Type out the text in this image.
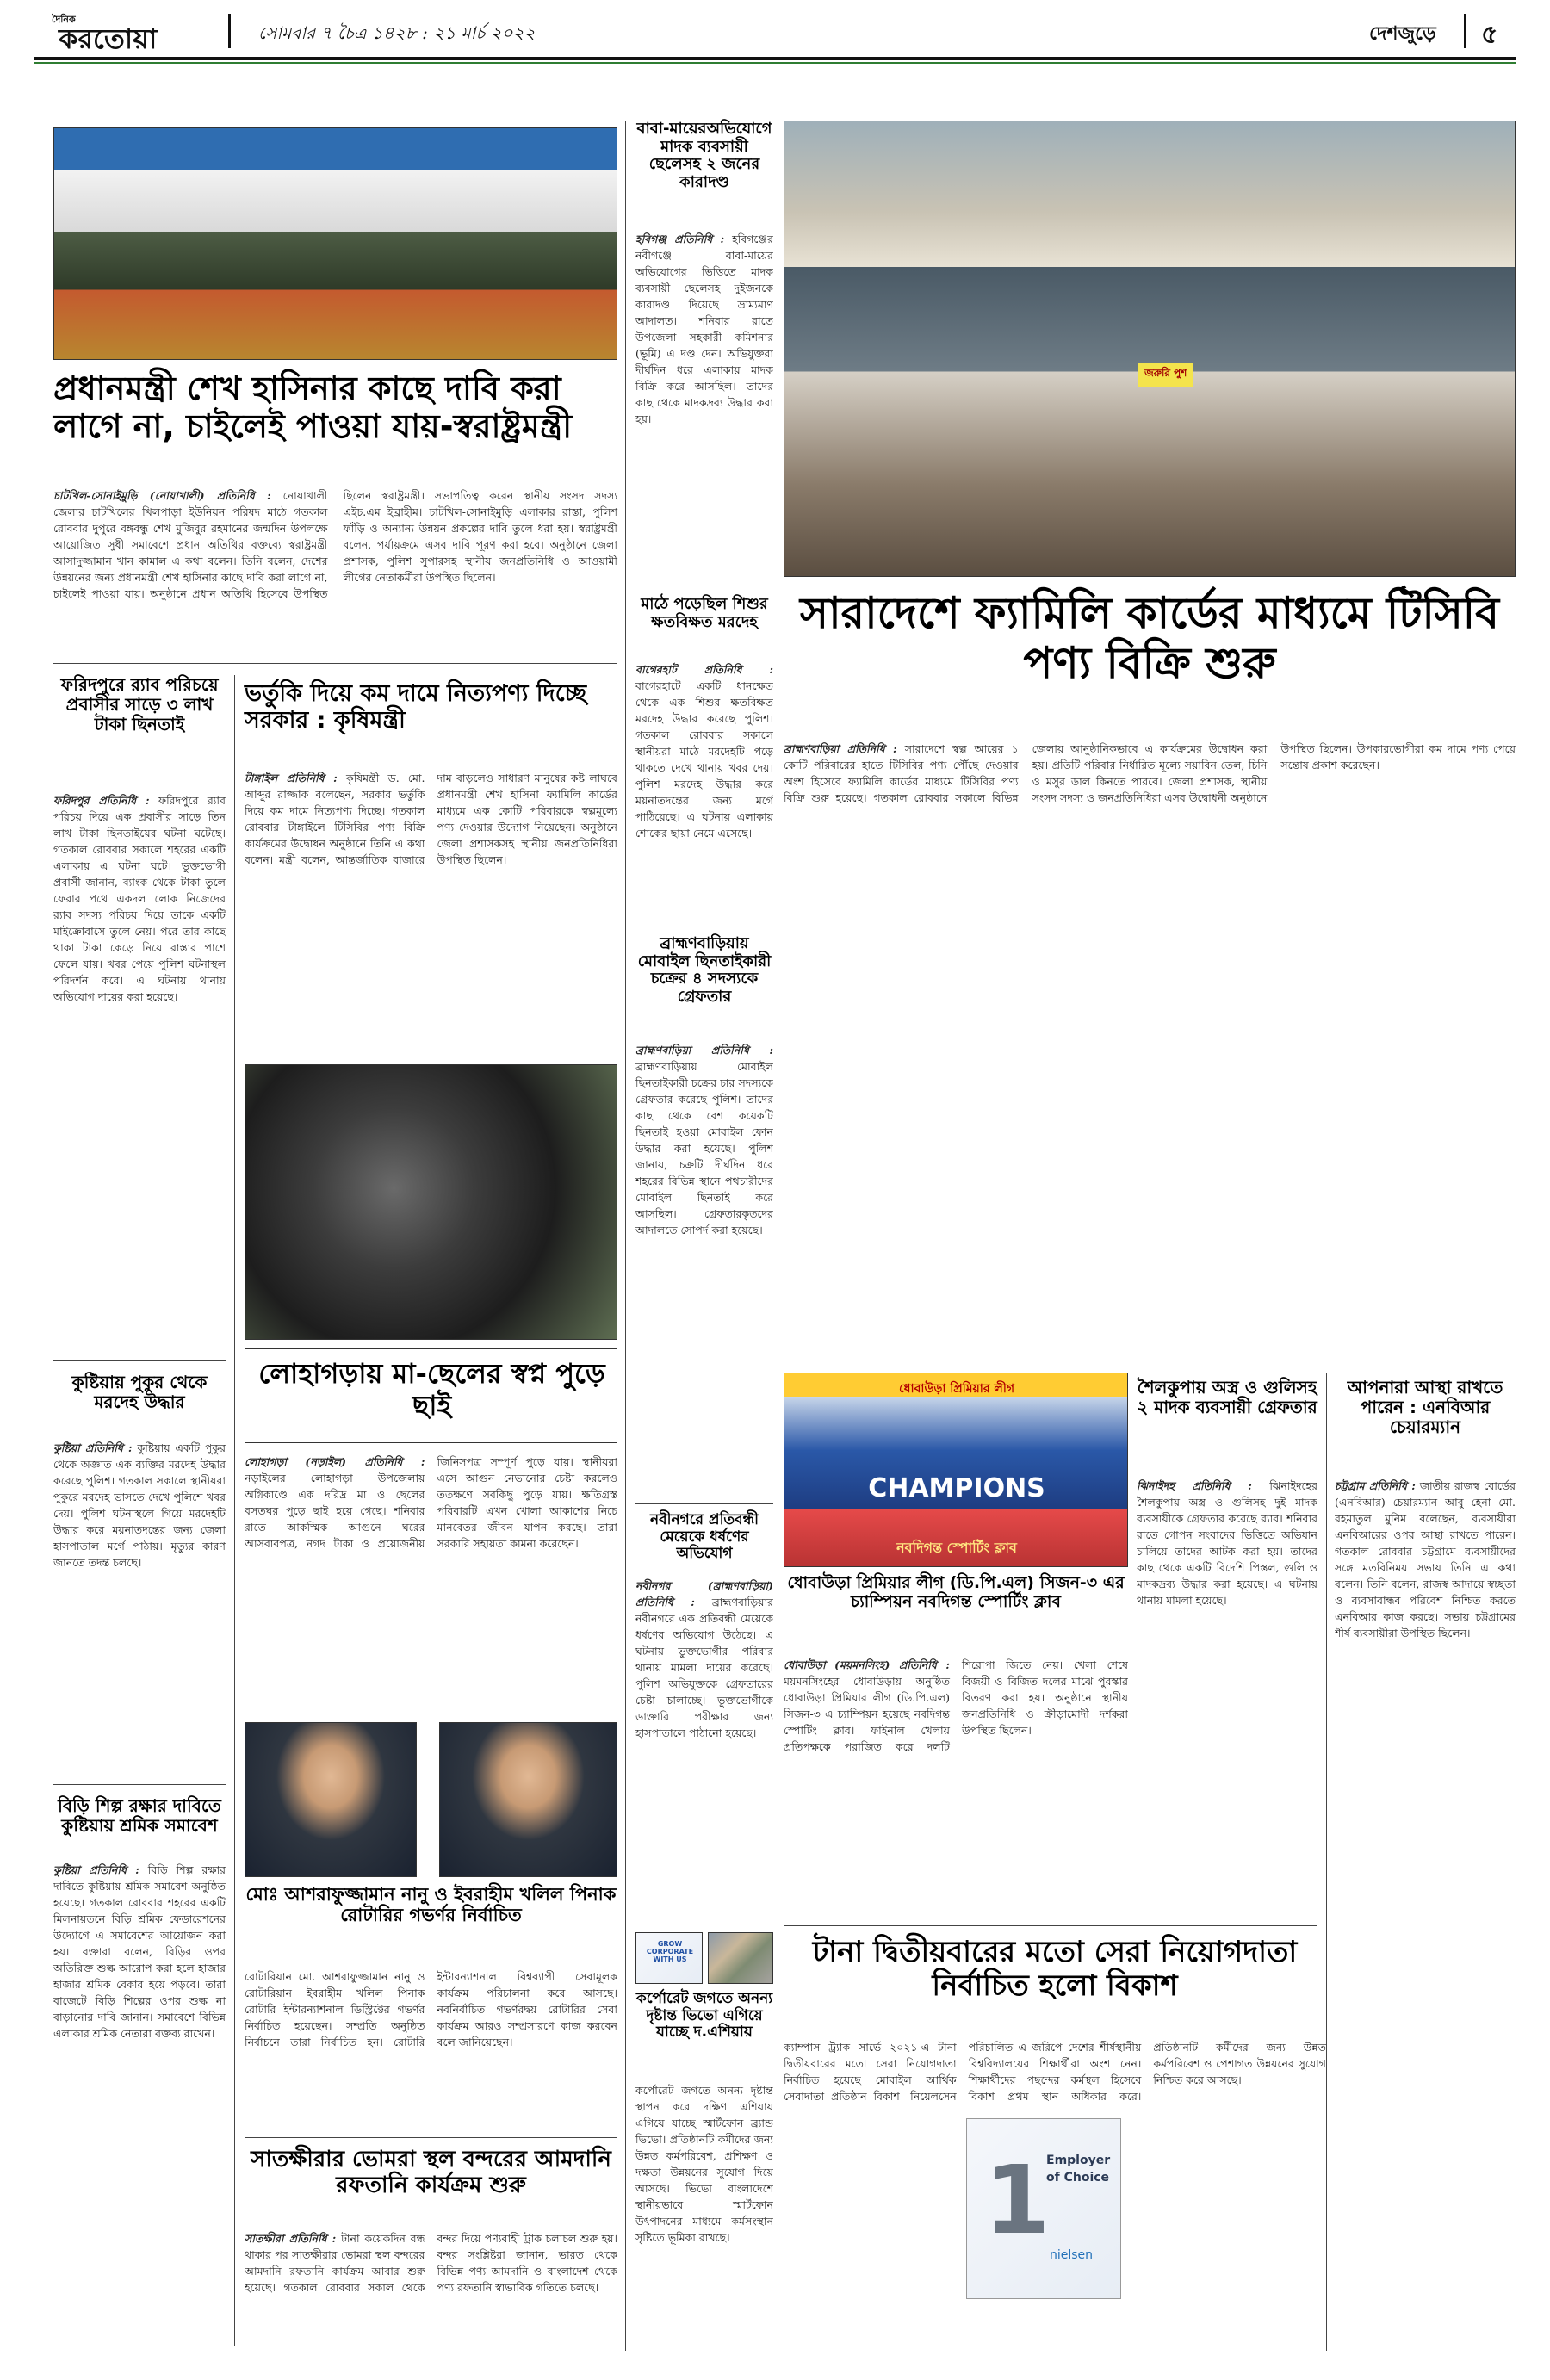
দৈনিক
করতোয়া	সোমবার ৭ চৈত্র ১৪২৮ : ২১ মার্চ ২০২২	দেশজুড়ে ৫
প্রধানমন্ত্রী শেখ হাসিনার কাছে দাবি করা লাগে না, চাইলেই পাওয়া যায়-স্বরাষ্ট্রমন্ত্রী
চাটখিল-সোনাইমুড়ি (নোয়াখালী) প্রতিনিধি : নোয়াখালী জেলার চাটখিলের খিলপাড়া ইউনিয়ন পরিষদ মাঠে গতকাল রোববার দুপুরে বঙ্গবন্ধু শেখ মুজিবুর রহমানের জন্মদিন উপলক্ষে আয়োজিত সুধী সমাবেশে প্রধান অতিথির বক্তব্যে স্বরাষ্ট্রমন্ত্রী আসাদুজ্জামান খান কামাল এ কথা বলেন। তিনি বলেন, দেশের উন্নয়নের জন্য প্রধানমন্ত্রী শেখ হাসিনার কাছে দাবি করা লাগে না, চাইলেই পাওয়া যায়। অনুষ্ঠানে প্রধান অতিথি হিসেবে উপস্থিত ছিলেন স্বরাষ্ট্রমন্ত্রী। সভাপতিত্ব করেন স্থানীয় সংসদ সদস্য এইচ.এম ইব্রাহীম। চাটখিল-সোনাইমুড়ি এলাকার রাস্তা, পুলিশ ফাঁড়ি ও অন্যান্য উন্নয়ন প্রকল্পের দাবি তুলে ধরা হয়। স্বরাষ্ট্রমন্ত্রী বলেন, পর্যায়ক্রমে এসব দাবি পূরণ করা হবে। অনুষ্ঠানে জেলা প্রশাসক, পুলিশ সুপারসহ স্থানীয় জনপ্রতিনিধি ও আওয়ামী লীগের নেতাকর্মীরা উপস্থিত ছিলেন।
ফরিদপুরে র‌্যাব পরিচয়ে প্রবাসীর সাড়ে ৩ লাখ টাকা ছিনতাই
ফরিদপুর প্রতিনিধি : ফরিদপুরে র‌্যাব পরিচয় দিয়ে এক প্রবাসীর সাড়ে তিন লাখ টাকা ছিনতাইয়ের ঘটনা ঘটেছে। গতকাল রোববার সকালে শহরের একটি এলাকায় এ ঘটনা ঘটে। ভুক্তভোগী প্রবাসী জানান, ব্যাংক থেকে টাকা তুলে ফেরার পথে একদল লোক নিজেদের র‌্যাব সদস্য পরিচয় দিয়ে তাকে একটি মাইক্রোবাসে তুলে নেয়। পরে তার কাছে থাকা টাকা কেড়ে নিয়ে রাস্তার পাশে ফেলে যায়। খবর পেয়ে পুলিশ ঘটনাস্থল পরিদর্শন করে। এ ঘটনায় থানায় অভিযোগ দায়ের করা হয়েছে।
কুষ্টিয়ায় পুকুর থেকে মরদেহ উদ্ধার
কুষ্টিয়া প্রতিনিধি : কুষ্টিয়ায় একটি পুকুর থেকে অজ্ঞাত এক ব্যক্তির মরদেহ উদ্ধার করেছে পুলিশ। গতকাল সকালে স্থানীয়রা পুকুরে মরদেহ ভাসতে দেখে পুলিশে খবর দেয়। পুলিশ ঘটনাস্থলে গিয়ে মরদেহটি উদ্ধার করে ময়নাতদন্তের জন্য জেলা হাসপাতাল মর্গে পাঠায়। মৃত্যুর কারণ জানতে তদন্ত চলছে।
বিড়ি শিল্প রক্ষার দাবিতে কুষ্টিয়ায় শ্রমিক সমাবেশ
কুষ্টিয়া প্রতিনিধি : বিড়ি শিল্প রক্ষার দাবিতে কুষ্টিয়ায় শ্রমিক সমাবেশ অনুষ্ঠিত হয়েছে। গতকাল রোববার শহরের একটি মিলনায়তনে বিড়ি শ্রমিক ফেডারেশনের উদ্যোগে এ সমাবেশের আয়োজন করা হয়। বক্তারা বলেন, বিড়ির ওপর অতিরিক্ত শুল্ক আরোপ করা হলে হাজার হাজার শ্রমিক বেকার হয়ে পড়বে। তারা বাজেটে বিড়ি শিল্পের ওপর শুল্ক না বাড়ানোর দাবি জানান। সমাবেশে বিভিন্ন এলাকার শ্রমিক নেতারা বক্তব্য রাখেন।
ভর্তুকি দিয়ে কম দামে নিত্যপণ্য দিচ্ছে সরকার : কৃষিমন্ত্রী
টাঙ্গাইল প্রতিনিধি : কৃষিমন্ত্রী ড. মো. আব্দুর রাজ্জাক বলেছেন, সরকার ভর্তুকি দিয়ে কম দামে নিত্যপণ্য দিচ্ছে। গতকাল রোববার টাঙ্গাইলে টিসিবির পণ্য বিক্রি কার্যক্রমের উদ্বোধন অনুষ্ঠানে তিনি এ কথা বলেন। মন্ত্রী বলেন, আন্তর্জাতিক বাজারে দাম বাড়লেও সাধারণ মানুষের কষ্ট লাঘবে প্রধানমন্ত্রী শেখ হাসিনা ফ্যামিলি কার্ডের মাধ্যমে এক কোটি পরিবারকে স্বল্পমূল্যে পণ্য দেওয়ার উদ্যোগ নিয়েছেন। অনুষ্ঠানে জেলা প্রশাসকসহ স্থানীয় জনপ্রতিনিধিরা উপস্থিত ছিলেন।
লোহাগড়ায় মা-ছেলের স্বপ্ন পুড়ে ছাই
লোহাগড়া (নড়াইল) প্রতিনিধি : নড়াইলের লোহাগড়া উপজেলায় অগ্নিকাণ্ডে এক দরিদ্র মা ও ছেলের বসতঘর পুড়ে ছাই হয়ে গেছে। শনিবার রাতে আকস্মিক আগুনে ঘরের আসবাবপত্র, নগদ টাকা ও প্রয়োজনীয় জিনিসপত্র সম্পূর্ণ পুড়ে যায়। স্থানীয়রা এসে আগুন নেভানোর চেষ্টা করলেও ততক্ষণে সবকিছু পুড়ে যায়। ক্ষতিগ্রস্ত পরিবারটি এখন খোলা আকাশের নিচে মানবেতর জীবন যাপন করছে। তারা সরকারি সহায়তা কামনা করেছেন।
মোঃ আশরাফুজ্জামান নানু ও ইবরাহীম খলিল পিনাক রোটারির গভর্ণর নির্বাচিত
রোটারিয়ান মো. আশরাফুজ্জামান নানু ও রোটারিয়ান ইবরাহীম খলিল পিনাক রোটারি ইন্টারন্যাশনাল ডিস্ট্রিক্টের গভর্ণর নির্বাচিত হয়েছেন। সম্প্রতি অনুষ্ঠিত নির্বাচনে তারা নির্বাচিত হন। রোটারি ইন্টারন্যাশনাল বিশ্বব্যাপী সেবামূলক কার্যক্রম পরিচালনা করে আসছে। নবনির্বাচিত গভর্ণরদ্বয় রোটারির সেবা কার্যক্রম আরও সম্প্রসারণে কাজ করবেন বলে জানিয়েছেন।
সাতক্ষীরার ভোমরা স্থল বন্দরের আমদানি রফতানি কার্যক্রম শুরু
সাতক্ষীরা প্রতিনিধি : টানা কয়েকদিন বন্ধ থাকার পর সাতক্ষীরার ভোমরা স্থল বন্দরের আমদানি রফতানি কার্যক্রম আবার শুরু হয়েছে। গতকাল রোববার সকাল থেকে বন্দর দিয়ে পণ্যবাহী ট্রাক চলাচল শুরু হয়। বন্দর সংশ্লিষ্টরা জানান, ভারত থেকে বিভিন্ন পণ্য আমদানি ও বাংলাদেশ থেকে পণ্য রফতানি স্বাভাবিক গতিতে চলছে।
বাবা-মায়েরঅভিযোগে মাদক ব্যবসায়ী ছেলেসহ ২ জনের কারাদণ্ড
হবিগঞ্জ প্রতিনিধি : হবিগঞ্জের নবীগঞ্জে বাবা-মায়ের অভিযোগের ভিত্তিতে মাদক ব্যবসায়ী ছেলেসহ দুইজনকে কারাদণ্ড দিয়েছে ভ্রাম্যমাণ আদালত। শনিবার রাতে উপজেলা সহকারী কমিশনার (ভূমি) এ দণ্ড দেন। অভিযুক্তরা দীর্ঘদিন ধরে এলাকায় মাদক বিক্রি করে আসছিল। তাদের কাছ থেকে মাদকদ্রব্য উদ্ধার করা হয়।
মাঠে পড়েছিল শিশুর ক্ষতবিক্ষত মরদেহ
বাগেরহাট প্রতিনিধি : বাগেরহাটে একটি ধানক্ষেত থেকে এক শিশুর ক্ষতবিক্ষত মরদেহ উদ্ধার করেছে পুলিশ। গতকাল রোববার সকালে স্থানীয়রা মাঠে মরদেহটি পড়ে থাকতে দেখে থানায় খবর দেয়। পুলিশ মরদেহ উদ্ধার করে ময়নাতদন্তের জন্য মর্গে পাঠিয়েছে। এ ঘটনায় এলাকায় শোকের ছায়া নেমে এসেছে।
ব্রাহ্মণবাড়িয়ায় মোবাইল ছিনতাইকারী চক্রের ৪ সদস্যকে গ্রেফতার
ব্রাহ্মণবাড়িয়া প্রতিনিধি : ব্রাহ্মণবাড়িয়ায় মোবাইল ছিনতাইকারী চক্রের চার সদস্যকে গ্রেফতার করেছে পুলিশ। তাদের কাছ থেকে বেশ কয়েকটি ছিনতাই হওয়া মোবাইল ফোন উদ্ধার করা হয়েছে। পুলিশ জানায়, চক্রটি দীর্ঘদিন ধরে শহরের বিভিন্ন স্থানে পথচারীদের মোবাইল ছিনতাই করে আসছিল। গ্রেফতারকৃতদের আদালতে সোপর্দ করা হয়েছে।
নবীনগরে প্রতিবন্ধী মেয়েকে ধর্ষণের অভিযোগ
নবীনগর (ব্রাহ্মণবাড়িয়া) প্রতিনিধি : ব্রাহ্মণবাড়িয়ার নবীনগরে এক প্রতিবন্ধী মেয়েকে ধর্ষণের অভিযোগ উঠেছে। এ ঘটনায় ভুক্তভোগীর পরিবার থানায় মামলা দায়ের করেছে। পুলিশ অভিযুক্তকে গ্রেফতারের চেষ্টা চালাচ্ছে। ভুক্তভোগীকে ডাক্তারি পরীক্ষার জন্য হাসপাতালে পাঠানো হয়েছে।
GROW CORPORATE WITH US
কর্পোরেট জগতে অনন্য দৃষ্টান্ত ভিভো এগিয়ে যাচ্ছে দ.এশিয়ায়
কর্পোরেট জগতে অনন্য দৃষ্টান্ত স্থাপন করে দক্ষিণ এশিয়ায় এগিয়ে যাচ্ছে স্মার্টফোন ব্র্যান্ড ভিভো। প্রতিষ্ঠানটি কর্মীদের জন্য উন্নত কর্মপরিবেশ, প্রশিক্ষণ ও দক্ষতা উন্নয়নের সুযোগ দিয়ে আসছে। ভিভো বাংলাদেশে স্থানীয়ভাবে স্মার্টফোন উৎপাদনের মাধ্যমে কর্মসংস্থান সৃষ্টিতে ভূমিকা রাখছে।
জরুরি পুশ
সারাদেশে ফ্যামিলি কার্ডের মাধ্যমে টিসিবি পণ্য বিক্রি শুরু
ব্রাহ্মণবাড়িয়া প্রতিনিধি : সারাদেশে স্বল্প আয়ের ১ কোটি পরিবারের হাতে টিসিবির পণ্য পৌঁছে দেওয়ার অংশ হিসেবে ফ্যামিলি কার্ডের মাধ্যমে টিসিবির পণ্য বিক্রি শুরু হয়েছে। গতকাল রোববার সকালে বিভিন্ন জেলায় আনুষ্ঠানিকভাবে এ কার্যক্রমের উদ্বোধন করা হয়। প্রতিটি পরিবার নির্ধারিত মূল্যে সয়াবিন তেল, চিনি ও মসুর ডাল কিনতে পারবে। জেলা প্রশাসক, স্থানীয় সংসদ সদস্য ও জনপ্রতিনিধিরা এসব উদ্বোধনী অনুষ্ঠানে উপস্থিত ছিলেন। উপকারভোগীরা কম দামে পণ্য পেয়ে সন্তোষ প্রকাশ করেছেন।
ধোবাউড়া প্রিমিয়ার লীগ
CHAMPIONS
নবদিগন্ত স্পোর্টিং ক্লাব
ধোবাউড়া প্রিমিয়ার লীগ (ডি.পি.এল) সিজন-৩ এর চ্যাম্পিয়ন নবদিগন্ত স্পোর্টিং ক্লাব
ধোবাউড়া (ময়মনসিংহ) প্রতিনিধি : ময়মনসিংহের ধোবাউড়ায় অনুষ্ঠিত ধোবাউড়া প্রিমিয়ার লীগ (ডি.পি.এল) সিজন-৩ এ চ্যাম্পিয়ন হয়েছে নবদিগন্ত স্পোর্টিং ক্লাব। ফাইনাল খেলায় প্রতিপক্ষকে পরাজিত করে দলটি শিরোপা জিতে নেয়। খেলা শেষে বিজয়ী ও বিজিত দলের মাঝে পুরস্কার বিতরণ করা হয়। অনুষ্ঠানে স্থানীয় জনপ্রতিনিধি ও ক্রীড়ামোদী দর্শকরা উপস্থিত ছিলেন।
শৈলকুপায় অস্ত্র ও গুলিসহ ২ মাদক ব্যবসায়ী গ্রেফতার
ঝিনাইদহ প্রতিনিধি : ঝিনাইদহের শৈলকুপায় অস্ত্র ও গুলিসহ দুই মাদক ব্যবসায়ীকে গ্রেফতার করেছে র‌্যাব। শনিবার রাতে গোপন সংবাদের ভিত্তিতে অভিযান চালিয়ে তাদের আটক করা হয়। তাদের কাছ থেকে একটি বিদেশি পিস্তল, গুলি ও মাদকদ্রব্য উদ্ধার করা হয়েছে। এ ঘটনায় থানায় মামলা হয়েছে।
আপনারা আস্থা রাখতে পারেন : এনবিআর চেয়ারম্যান
চট্টগ্রাম প্রতিনিধি : জাতীয় রাজস্ব বোর্ডের (এনবিআর) চেয়ারম্যান আবু হেনা মো. রহমাতুল মুনিম বলেছেন, ব্যবসায়ীরা এনবিআরের ওপর আস্থা রাখতে পারেন। গতকাল রোববার চট্টগ্রামে ব্যবসায়ীদের সঙ্গে মতবিনিময় সভায় তিনি এ কথা বলেন। তিনি বলেন, রাজস্ব আদায়ে স্বচ্ছতা ও ব্যবসাবান্ধব পরিবেশ নিশ্চিত করতে এনবিআর কাজ করছে। সভায় চট্টগ্রামের শীর্ষ ব্যবসায়ীরা উপস্থিত ছিলেন।
টানা দ্বিতীয়বারের মতো সেরা নিয়োগদাতা নির্বাচিত হলো বিকাশ
ক্যাম্পাস ট্র্যাক সার্ভে ২০২১-এ টানা দ্বিতীয়বারের মতো সেরা নিয়োগদাতা নির্বাচিত হয়েছে মোবাইল আর্থিক সেবাদাতা প্রতিষ্ঠান বিকাশ। নিয়েলসেন পরিচালিত এ জরিপে দেশের শীর্ষস্থানীয় বিশ্ববিদ্যালয়ের শিক্ষার্থীরা অংশ নেন। শিক্ষার্থীদের পছন্দের কর্মস্থল হিসেবে বিকাশ প্রথম স্থান অধিকার করে। প্রতিষ্ঠানটি কর্মীদের জন্য উন্নত কর্মপরিবেশ ও পেশাগত উন্নয়নের সুযোগ নিশ্চিত করে আসছে।
1
Employer
of Choice
nielsen
